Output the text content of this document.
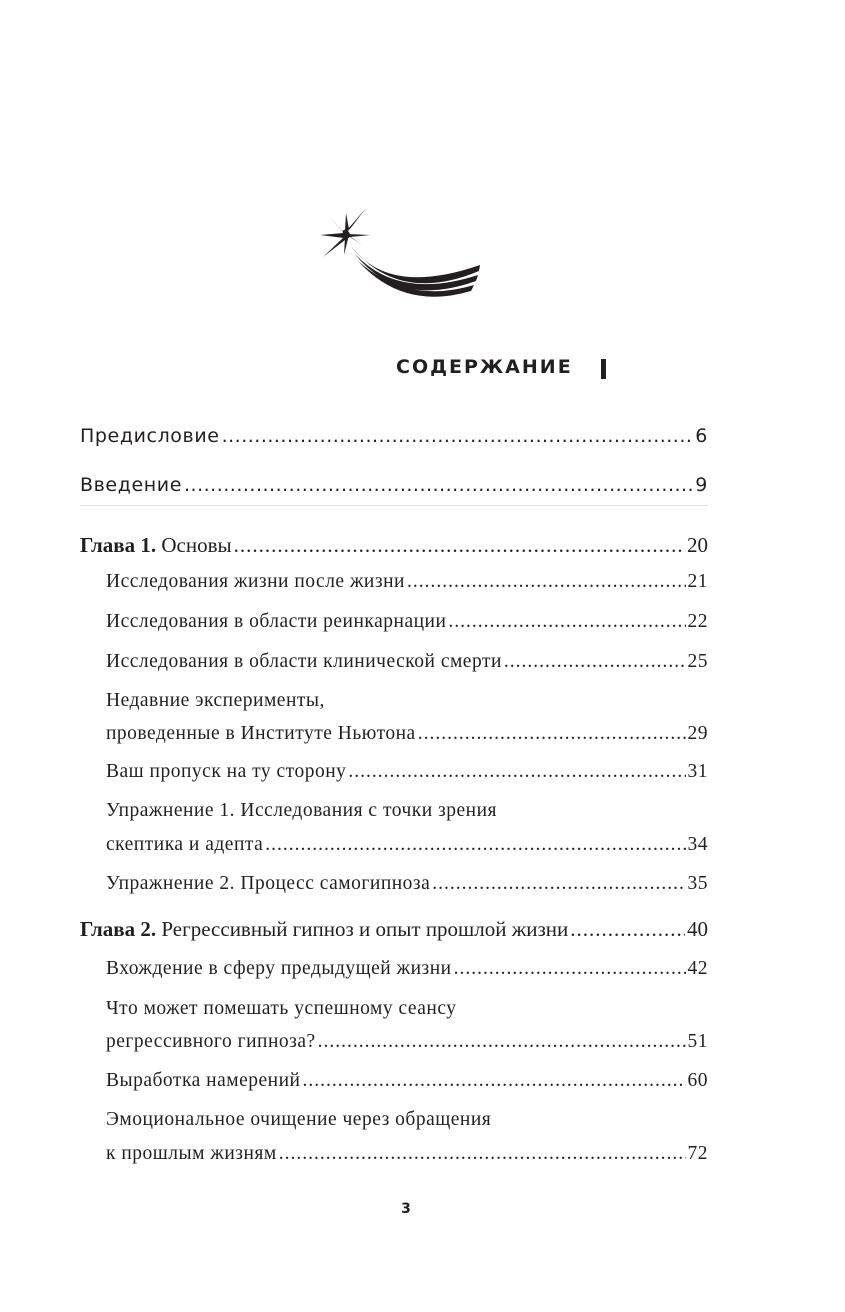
СОДЕРЖАНИЕ
Предисловие .....	6
Введение .....	9
Глава 1. Основы .....	20
Исследования жизни после жизни .....	21
Исследования в области реинкарнации .....	22
Исследования в области клинической смерти .....	25
Недавние эксперименты,
проведенные в Институте Ньютона .....	29
Ваш пропуск на ту сторону .....	31
Упражнение 1. Исследования с точки зрения
скептика и адепта .....	34
Упражнение 2. Процесс самогипноза .....	35
Глава 2. Регрессивный гипноз и опыт прошлой жизни .....	40
Вхождение в сферу предыдущей жизни .....	42
Что может помешать успешному сеансу
регрессивного гипноза? .....	51
Выработка намерений .....	60
Эмоциональное очищение через обращения
к прошлым жизням .....	72
3
